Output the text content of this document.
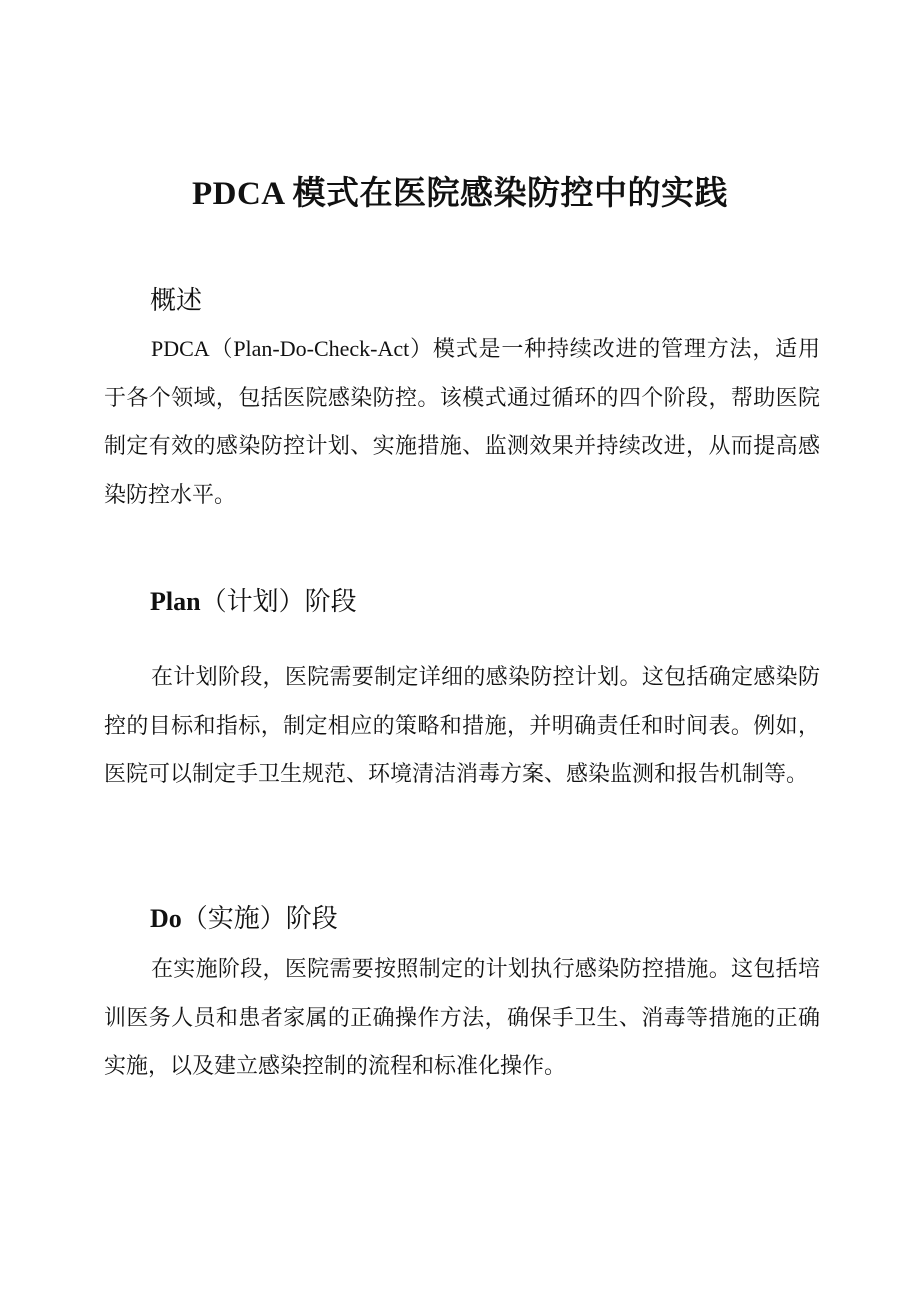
PDCA 模式在医院感染防控中的实践
概述

PDCA（Plan-Do-Check-Act）模式是一种持续改进的管理方法，适用于各个领域，包括医院感染防控。该模式通过循环的四个阶段，帮助医院制定有效的感染防控计划、实施措施、监测效果并持续改进，从而提高感染防控水平。

Plan（计划）阶段

在计划阶段，医院需要制定详细的感染防控计划。这包括确定感染防控的目标和指标，制定相应的策略和措施，并明确责任和时间表。例如，医院可以制定手卫生规范、环境清洁消毒方案、感染监测和报告机制等。

Do（实施）阶段

在实施阶段，医院需要按照制定的计划执行感染防控措施。这包括培训医务人员和患者家属的正确操作方法，确保手卫生、消毒等措施的正确实施，以及建立感染控制的流程和标准化操作。
